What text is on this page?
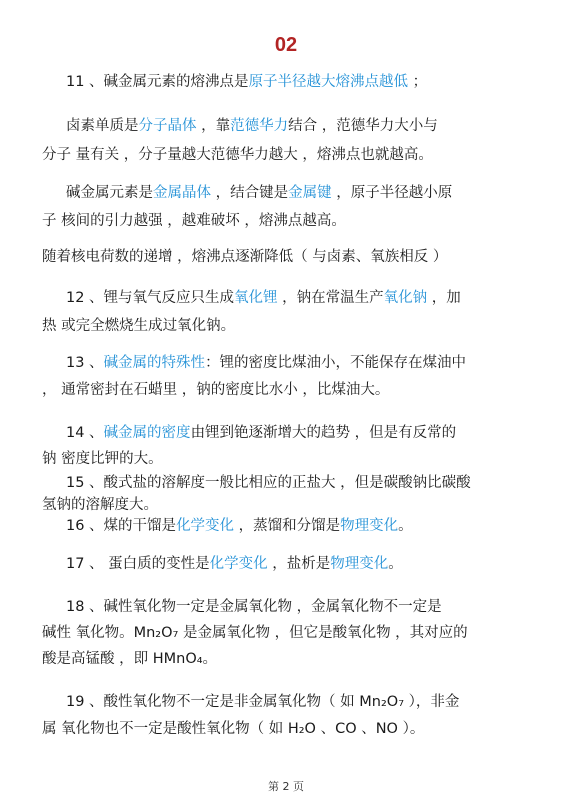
02
11 、碱金属元素的熔沸点是原子半径越大熔沸点越低 ；
卤素单质是分子晶体 ，靠范德华力结合 ，范德华力大小与
分子 量有关 ，分子量越大范德华力越大 ，熔沸点也就越高。
碱金属元素是金属晶体 ，结合键是金属键 ，原子半径越小原
子 核间的引力越强 ，越难破坏 ，熔沸点越高。
随着核电荷数的递增 ，熔沸点逐渐降低（ 与卤素、氧族相反 ）
12 、锂与氧气反应只生成氧化锂 ，钠在常温生产氧化钠 ，加
热 或完全燃烧生成过氧化钠。
13 、碱金属的特殊性：锂的密度比煤油小，不能保存在煤油中
， 通常密封在石蜡里 ，钠的密度比水小 ，比煤油大。
14 、碱金属的密度由锂到铯逐渐增大的趋势 ，但是有反常的
钠 密度比钾的大。
15 、酸式盐的溶解度一般比相应的正盐大 ，但是碳酸钠比碳酸
氢钠的溶解度大。
16 、煤的干馏是化学变化 ，蒸馏和分馏是物理变化。
17 、 蛋白质的变性是化学变化 ，盐析是物理变化。
18 、碱性氧化物一定是金属氧化物 ，金属氧化物不一定是
碱性 氧化物。Mn₂O₇ 是金属氧化物 ，但它是酸氧化物 ，其对应的
酸是高锰酸 ，即 HMnO₄。
19 、酸性氧化物不一定是非金属氧化物（ 如 Mn₂O₇ ），非金
属 氧化物也不一定是酸性氧化物（ 如 H₂O 、CO 、NO ）。
第 2 页
